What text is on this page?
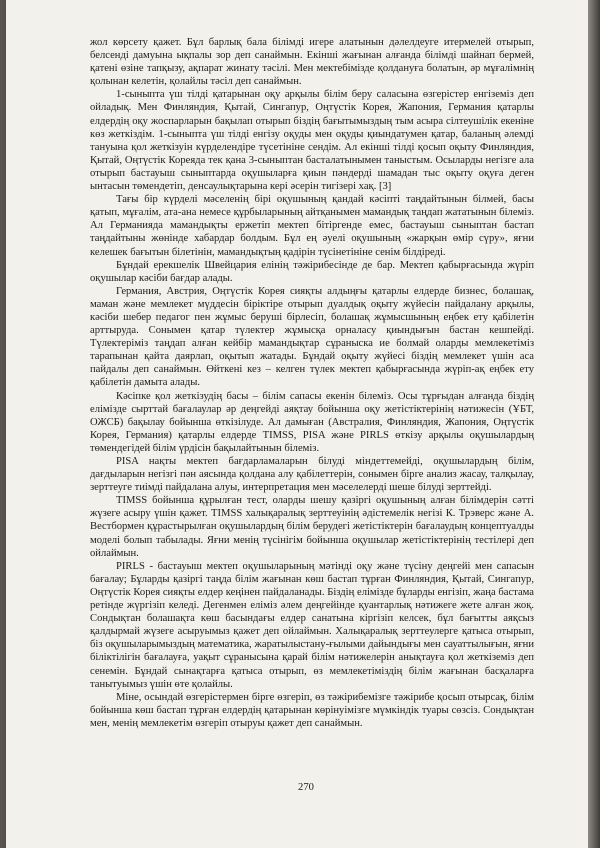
жол көрсету қажет. Бұл барлық бала білімді игере алатынын дәлелдеуге итермелей отырып, белсенді дамуына ықпалы зор деп санаймын. Екінші жағынан алғанда білімді шайнап бермей, қатені өзіне тапқызу, ақпарат жинату тәсілі. Мен мектебімізде қолдануға болатын, әр мұғалімнің қолынан келетін, қолайлы тәсіл деп санаймын.

1-сыныпта үш тілді қатарынан оқу арқылы білім беру саласына өзгерістер енгіземіз деп ойладық. Мен Финляндия, Қытай, Сингапур, Оңтүстік Корея, Жапония, Германия қатарлы елдердің оқу жоспарларын бақылап отырып біздің бағытымыздың тым асыра сілтеушілік екеніне көз жеткіздім. 1-сыныпта үш тілді енгізу оқуды мен оқуды қиындатумен қатар, баланың әлемді тануына қол жеткізуін күрделендіре түсетініне сендім. Ал екінші тілді қосып оқыту Финляндия, Қытай, Оңтүстік Кореяда тек қана 3-сыныптан басталатынымен таныстым. Осыларды негізге ала отырып бастауыш сыныптарда оқушыларға қиын пәндерді шамадан тыс оқыту оқуға деген ынтасын төмендетіп, денсаулықтарына кері әсерін тигізері хақ. [3]

Тағы бір күрделі мәселенің бірі оқушының қандай кәсіпті таңдайтынын білмей, басы қатып, мұғалім, ата-ана немесе құрбыларының айтқанымен мамандық таңдап жататынын білеміз. Ал Германияда мамандықты ержетіп мектеп бітіргенде емес, бастауыш сыныптан бастап таңдайтыны жөнінде хабардар болдым. Бұл ең әуелі оқушының «жарқын өмір сүру», яғни келешек бағытын білетінін, мамандықтың қадірін түсінетініне сенім білдіреді.

Бұндай ерекшелік Швейцария елінің тәжірибесінде де бар. Мектеп қабырғасында жүріп оқушылар кәсіби бағдар алады.

Германия, Австрия, Оңтүстік Корея сияқты алдыңғы қатарлы елдерде бизнес, болашақ, маман және мемлекет мүддесін біріктіре отырып дуалдық оқыту жүйесін пайдалану арқылы, кәсіби шебер педагог пен жұмыс беруші бірлесіп, болашақ жұмысшының еңбек ету қабілетін арттыруда. Сонымен қатар түлектер жұмысқа орналасу қиындығын бастан кешпейді. Түлектерімiз таңдап алған кейбір мамандықтар сұраныска ие болмай оларды мемлекетіміз тарапынан қайта даярлап, оқытып жатады. Бұндай оқыту жүйесі біздің мемлекет үшін аса пайдалы деп санаймын. Өйткені кез – келген түлек мектеп қабырғасында жүріп-ақ еңбек ету қабілетін дамыта алады.

Кәсіпке қол жеткізудің басы – білім сапасы екенін білеміз. Осы тұрғыдан алғанда біздің елімізде сырттай бағалаулар әр деңгейді аяқтау бойынша оқу жетістіктерінің нәтижесін (ҰБТ, ОЖСБ) бақылау бойынша өткізілуде. Ал дамыған (Австралия, Финляндия, Жапония, Оңтүстік Корея, Германия) қатарлы елдерде TIMSS, PISA және PIRLS өткізу арқылы оқушылардың төмендегідей білім үрдісін бақылайтынын білеміз.

PISA нақты мектеп бағдарламаларын білуді міндеттемейді, оқушылардың білім, дағдыларын негізгі пән аясында қолдана алу қабілеттерін, сонымен бірге анализ жасау, талқылау, зерттеуге тиімді пайдалана алуы, интерпретация мен мәселелерді шеше білуді зерттейді.

TIMSS бойынша құрылған тест, оларды шешу қазіргі оқушының алған білімдерін сәтті жүзеге асыру үшін қажет. TIMSS халықаралық зерттеуінің әдістемелік негізі К. Трэверс және А. Вестбормен құрастырылған оқушылардың білім берудегі жетістіктерін бағалаудың концептуалды моделі болып табылады. Яғни менің түсінігім бойынша оқушылар жетістіктерінің тестілері деп ойлаймын.

PIRLS - бастауыш мектеп оқушыларының мәтінді оқу және түсіну деңгейі мен сапасын бағалау; Бұларды қазіргі таңда білім жағынан көш бастап тұрған Финляндия, Қытай, Сингапур, Оңтүстік Корея сияқты елдер кеңінен пайдаланады. Біздің елімізде бұларды енгізіп, жаңа бастама ретінде жүргізіп келеді. Дегенмен еліміз әлем деңгейінде қуантарлық нәтижеге жете алған жоқ. Сондықтан болашақта көш басындағы елдер санатына кіргізіп келсек, бұл бағытты аяқсыз қалдырмай жүзеге асыруымыз қажет деп ойлаймын. Халықаралық зерттеулерге қатыса отырып, біз оқушыларымыздың математика, жаратылыстану-ғылыми дайындығы мен сауаттылығын, яғни біліктілігін бағалауға, уақыт сұранысына қарай білім нәтижелерін анықтауға қол жеткіземіз деп сенемін. Бұндай сынақтарға қатыса отырып, өз мемлекетіміздің білім жағынан басқаларға танытуымыз үшін өте қолайлы.

Міне, осындай өзгерістермен бірге өзгеріп, өз тәжірибемізге тәжірибе қосып отырсақ, білім бойынша көш бастап тұрған елдердің қатарынан көрінуімізге мүмкіндік туары сөзсіз. Сондықтан мен, менің мемлекетім өзгеріп отыруы қажет деп санаймын.

270
